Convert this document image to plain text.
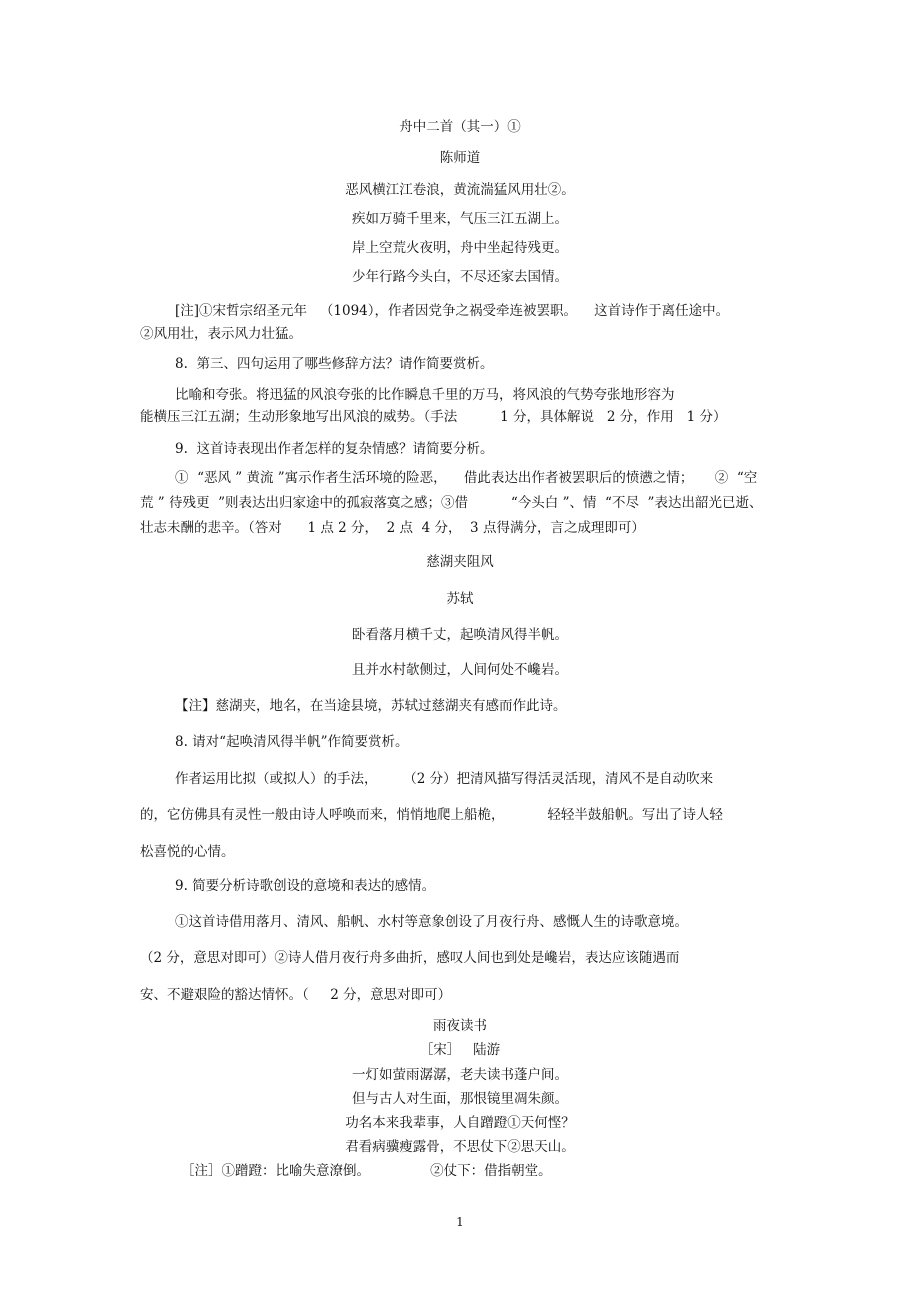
舟中二首（其一）①
陈师道
恶风横江江卷浪，黄流湍猛风用壮②。
疾如万骑千里来，气压三江五湖上。
岸上空荒火夜明，舟中坐起待残更。
少年行路今头白，不尽还家去国情。
[注]①宋哲宗绍圣元年   （1094），作者因党争之祸受牵连被罢职。    这首诗作于离任途中。
②风用壮，表示风力壮猛。
8.  第三、四句运用了哪些修辞方法？请作简要赏析。
比喻和夸张。将迅猛的风浪夸张的比作瞬息千里的万马，将风浪的气势夸张地形容为
能横压三江五湖；生动形象地写出风浪的威势。（手法          1 分，具体解说   2 分，作用   1 分）
9.  这首诗表现出作者怎样的复杂情感？请简要分析。
①  “恶风 ” 黄流 ”寓示作者生活环境的险恶，    借此表达出作者被罢职后的愤懑之情；     ②  “空
荒 ” 待残更  ”则表达出归家途中的孤寂落寞之感；③借          “今头白 ”、情  “不尽  ”表达出韶光已逝、
壮志未酬的悲辛。（答对      1 点 2 分，  2 点  4 分，  3 点得满分，言之成理即可）
慈湖夹阻风
苏轼
卧看落月横千丈，起唤清风得半帆。
且并水村欹侧过，人间何处不巉岩。
【注】慈湖夹，地名，在当途县境，苏轼过慈湖夹有感而作此诗。
8. 请对“起唤清风得半帆”作简要赏析。
作者运用比拟（或拟人）的手法，      （2 分）把清风描写得活灵活现，清风不是自动吹来
的，它仿佛具有灵性一般由诗人呼唤而来，悄悄地爬上船桅，          轻轻半鼓船帆。写出了诗人轻
松喜悦的心情。
9. 简要分析诗歌创设的意境和表达的感情。
①这首诗借用落月、清风、船帆、水村等意象创设了月夜行舟、感慨人生的诗歌意境。
（2 分，意思对即可）②诗人借月夜行舟多曲折，感叹人间也到处是巉岩，表达应该随遇而
安、不避艰险的豁达情怀。（     2 分，意思对即可）
雨夜读书
［宋］   陆游
一灯如萤雨潺潺，老夫读书蓬户间。
但与古人对生面，那恨镜里凋朱颜。
功名本来我辈事，人自蹭蹬①天何悭？
君看病骥瘦露骨，不思仗下②思天山。
［注］①蹭蹬：比喻失意潦倒。              ②仗下：借指朝堂。
1
